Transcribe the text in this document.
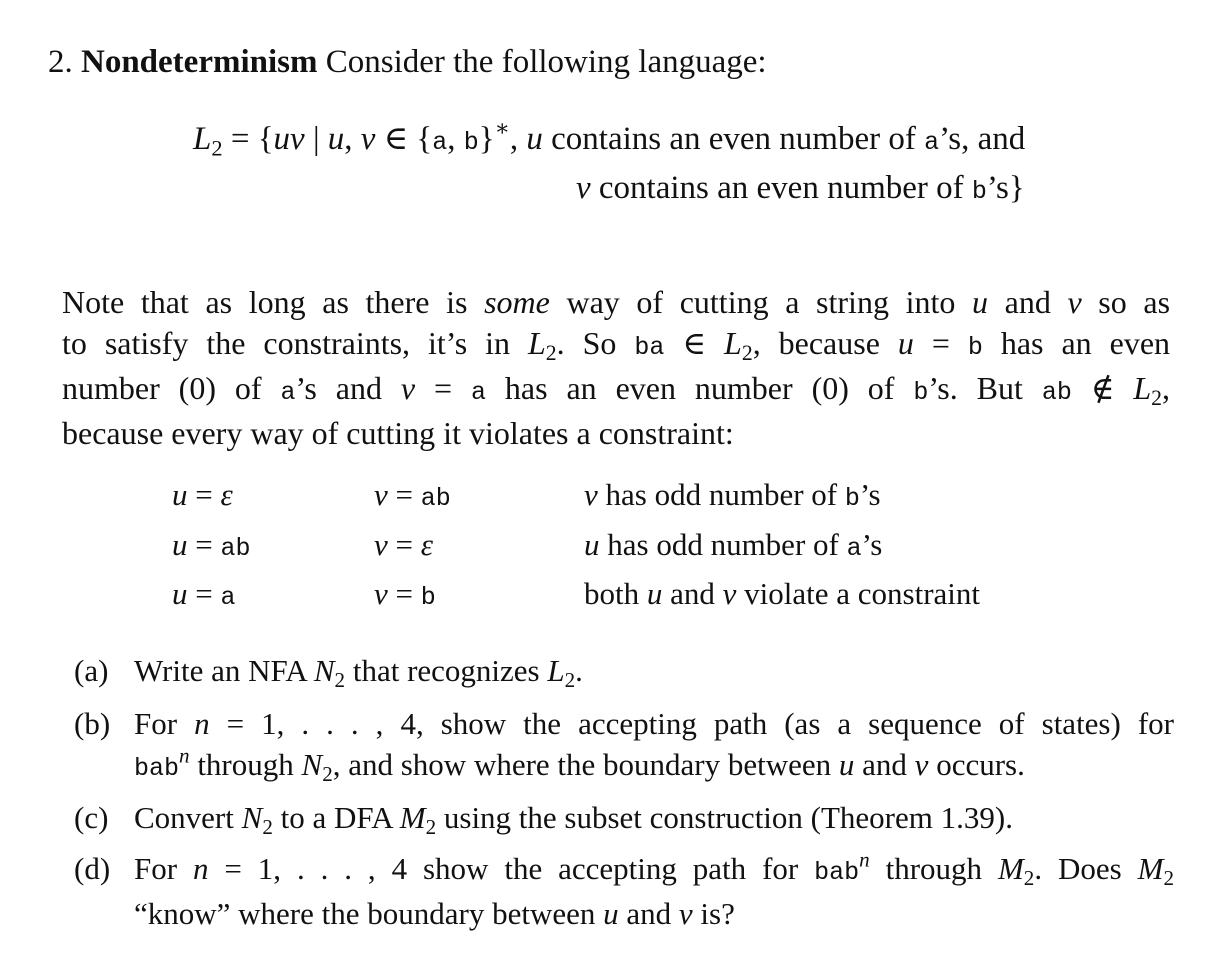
2. Nondeterminism Consider the following language:
$L_2 = \{uv$ | u, v ∈ {a, b}∗, u contains an even number of a’s, and
v contains an even number of b’s}
Note that as long as there is some way of cutting a string into u and v so as
to satisfy the constraints, it’s in $L_2$. So ba ∈ $L_2$, because u = b has an even
number (0) of a’s and v = a has an even number (0) of b’s. But ab ∉ $L_2$,
because every way of cutting it violates a constraint:
u = ε	v = ab	v has odd number of b’s
u = ab	v = ε	u has odd number of a’s
u = a	v = b	both u and v violate a constraint
(a) Write an NFA $N_2$ that recognizes $L_2$.
(b) For n = 1, . . . , 4, show the accepting path (as a sequence of states) for
bab$^n$ through $N_2$, and show where the boundary between u and v occurs.
(c) Convert $N_2$ to a DFA $M_2$ using the subset construction (Theorem 1.39).
(d) For n = 1, . . . , 4 show the accepting path for bab$^n$ through $M_2$. Does $M_2$
“know” where the boundary between u and v is?
